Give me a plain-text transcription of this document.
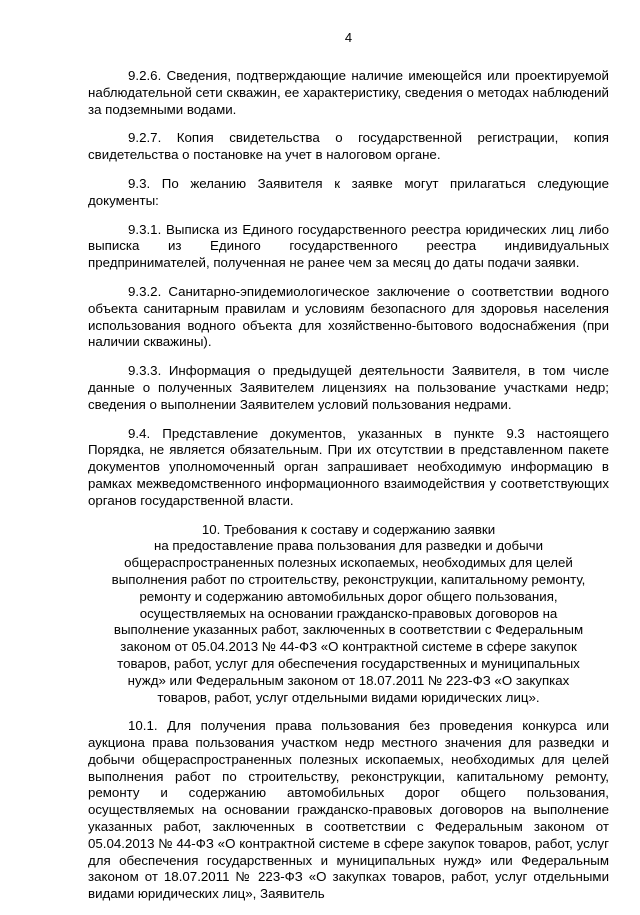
4

9.2.6. Сведения, подтверждающие наличие имеющейся или проектируемой наблюдательной сети скважин, ее характеристику, сведения о методах наблюдений за подземными водами.

9.2.7. Копия свидетельства о государственной регистрации, копия свидетельства о постановке на учет в налоговом органе.

9.3. По желанию Заявителя к заявке могут прилагаться следующие документы:

9.3.1. Выписка из Единого государственного реестра юридических лиц либо выписка из Единого государственного реестра индивидуальных предпринимателей, полученная не ранее чем за месяц до даты подачи заявки.

9.3.2. Санитарно-эпидемиологическое заключение о соответствии водного объекта санитарным правилам и условиям безопасного для здоровья населения использования водного объекта для хозяйственно-бытового водоснабжения (при наличии скважины).

9.3.3. Информация о предыдущей деятельности Заявителя, в том числе данные о полученных Заявителем лицензиях на пользование участками недр; сведения о выполнении Заявителем условий пользования недрами.

9.4. Представление документов, указанных в пункте 9.3 настоящего Порядка, не является обязательным. При их отсутствии в представленном пакете документов уполномоченный орган запрашивает необходимую информацию в рамках межведомственного информационного взаимодействия у соответствующих органов государственной власти.

10. Требования к составу и содержанию заявки
на предоставление права пользования для разведки и добычи
общераспространенных полезных ископаемых, необходимых для целей
выполнения работ по строительству, реконструкции, капитальному ремонту,
ремонту и содержанию автомобильных дорог общего пользования,
осуществляемых на основании гражданско-правовых договоров на
выполнение указанных работ, заключенных в соответствии с Федеральным
законом от 05.04.2013 № 44-ФЗ «О контрактной системе в сфере закупок
товаров, работ, услуг для обеспечения государственных и муниципальных
нужд» или Федеральным законом от 18.07.2011 № 223-ФЗ «О закупках
товаров, работ, услуг отдельными видами юридических лиц».

10.1. Для получения права пользования без проведения конкурса или аукциона права пользования участком недр местного значения для разведки и добычи общераспространенных полезных ископаемых, необходимых для целей выполнения работ по строительству, реконструкции, капитальному ремонту, ремонту и содержанию автомобильных дорог общего пользования, осуществляемых на основании гражданско-правовых договоров на выполнение указанных работ, заключенных в соответствии с Федеральным законом от 05.04.2013 № 44-ФЗ «О контрактной системе в сфере закупок товаров, работ, услуг для обеспечения государственных и муниципальных нужд» или Федеральным законом от 18.07.2011 № 223-ФЗ «О закупках товаров, работ, услуг отдельными видами юридических лиц», Заявитель
